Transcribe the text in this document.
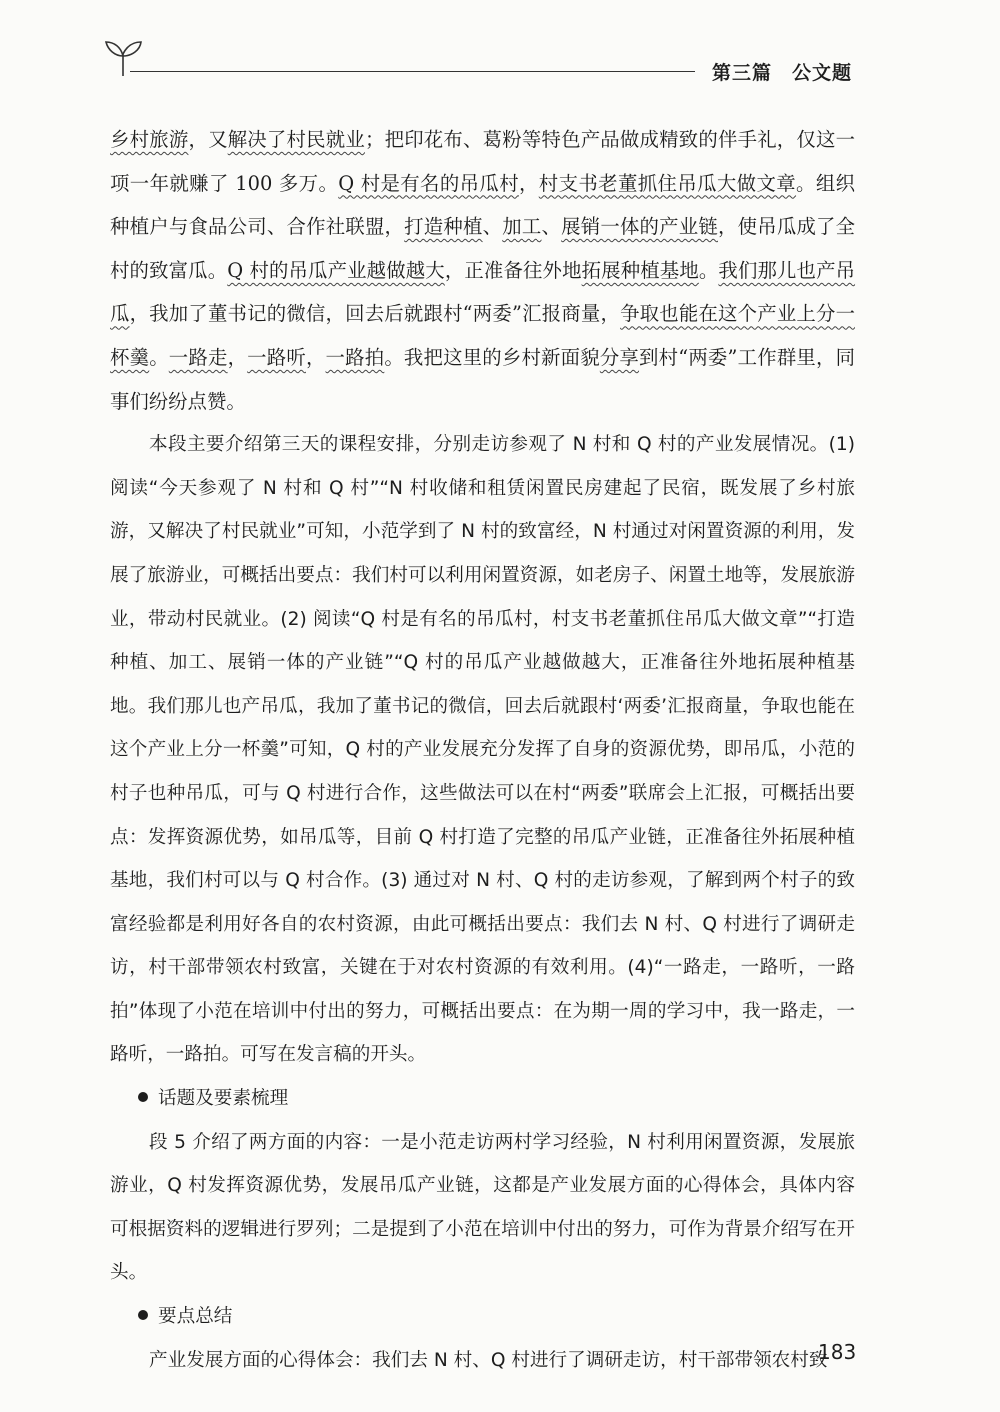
第三篇 公文题

乡村旅游，又解决了村民就业；把印花布、葛粉等特色产品做成精致的伴手礼，仅这一项一年就赚了 100 多万。Q 村是有名的吊瓜村，村支书老董抓住吊瓜大做文章。组织种植户与食品公司、合作社联盟，打造种植、加工、展销一体的产业链，使吊瓜成了全村的致富瓜。Q 村的吊瓜产业越做越大，正准备往外地拓展种植基地。我们那儿也产吊瓜，我加了董书记的微信，回去后就跟村“两委”汇报商量，争取也能在这个产业上分一杯羹。一路走，一路听，一路拍。我把这里的乡村新面貌分享到村“两委”工作群里，同事们纷纷点赞。

本段主要介绍第三天的课程安排，分别走访参观了 N 村和 Q 村的产业发展情况。(1) 阅读“今天参观了 N 村和 Q 村”“N 村收储和租赁闲置民房建起了民宿，既发展了乡村旅游，又解决了村民就业”可知，小范学到了 N 村的致富经，N 村通过对闲置资源的利用，发展了旅游业，可概括出要点：我们村可以利用闲置资源，如老房子、闲置土地等，发展旅游业，带动村民就业。(2) 阅读“Q 村是有名的吊瓜村，村支书老董抓住吊瓜大做文章”“打造种植、加工、展销一体的产业链”“Q 村的吊瓜产业越做越大，正准备往外地拓展种植基地。我们那儿也产吊瓜，我加了董书记的微信，回去后就跟村‘两委’汇报商量，争取也能在这个产业上分一杯羹”可知，Q 村的产业发展充分发挥了自身的资源优势，即吊瓜，小范的村子也种吊瓜，可与 Q 村进行合作，这些做法可以在村“两委”联席会上汇报，可概括出要点：发挥资源优势，如吊瓜等，目前 Q 村打造了完整的吊瓜产业链，正准备往外拓展种植基地，我们村可以与 Q 村合作。(3) 通过对 N 村、Q 村的走访参观，了解到两个村子的致富经验都是利用好各自的农村资源，由此可概括出要点：我们去 N 村、Q 村进行了调研走访，村干部带领农村致富，关键在于对农村资源的有效利用。(4)“一路走，一路听，一路拍”体现了小范在培训中付出的努力，可概括出要点：在为期一周的学习中，我一路走，一路听，一路拍。可写在发言稿的开头。

话题及要素梳理

段 5 介绍了两方面的内容：一是小范走访两村学习经验，N 村利用闲置资源，发展旅游业，Q 村发挥资源优势，发展吊瓜产业链，这都是产业发展方面的心得体会，具体内容可根据资料的逻辑进行罗列；二是提到了小范在培训中付出的努力，可作为背景介绍写在开头。

要点总结

产业发展方面的心得体会：我们去 N 村、Q 村进行了调研走访，村干部带领农村致

183
